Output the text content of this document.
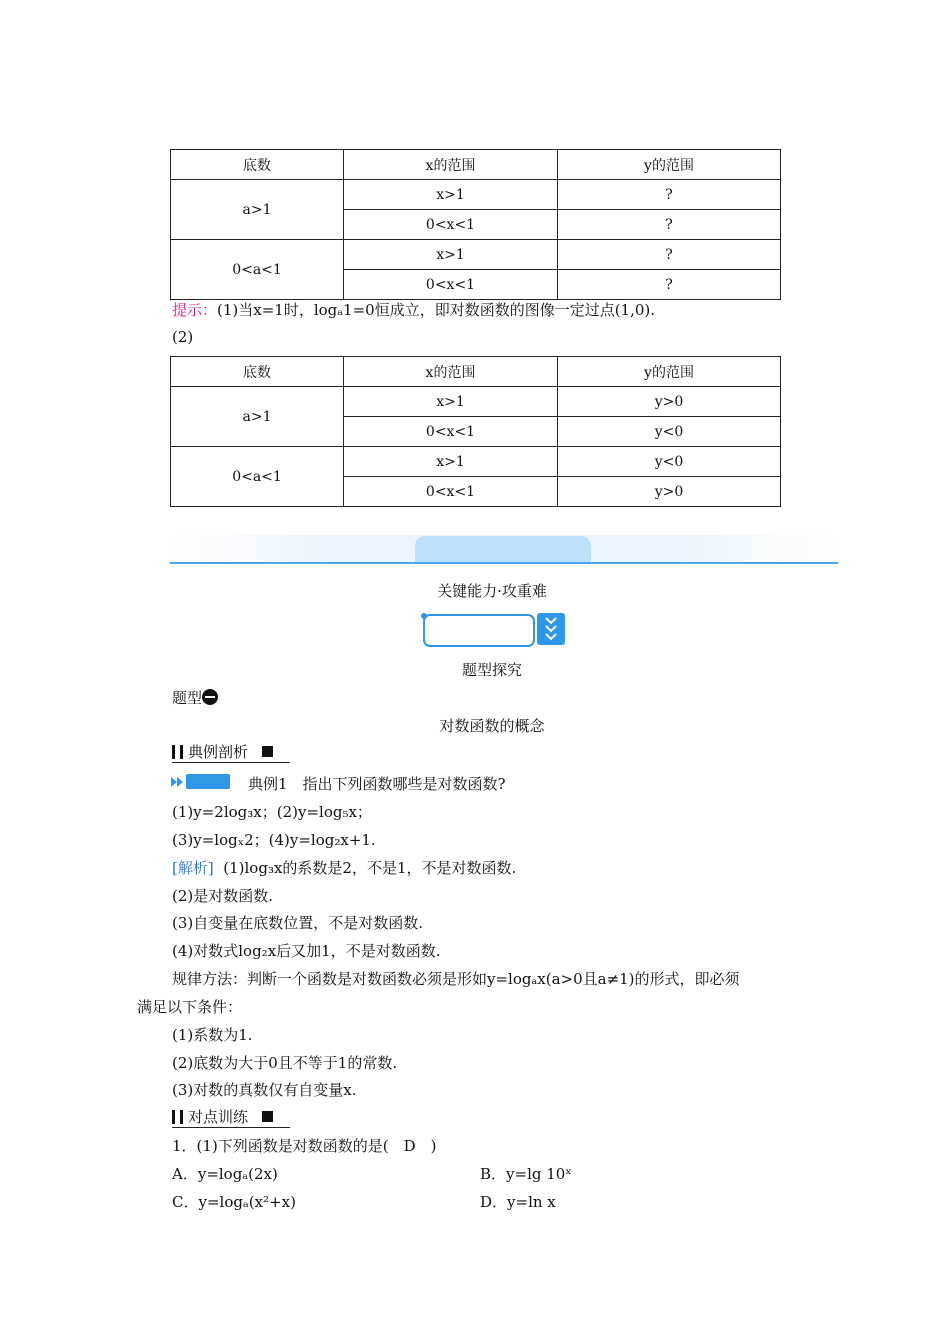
底数	x的范围	y的范围
a>1	x>1	?
	0<x<1	?
0<a<1	x>1	?
	0<x<1	?
提示：(1)当x=1时，logₐ1=0恒成立，即对数函数的图像一定过点(1,0).
(2)
底数	x的范围	y的范围
a>1	x>1	y>0
	0<x<1	y<0
0<a<1	x>1	y<0
	0<x<1	y>0
关键能力·攻重难
题型探究
题型
对数函数的概念
典例剖析
典例1　指出下列函数哪些是对数函数?
(1)y=2log₃x；(2)y=log₅x；
(3)y=logₓ2；(4)y=log₂x+1.
[解析] (1)log₃x的系数是2，不是1，不是对数函数.
(2)是对数函数.
(3)自变量在底数位置，不是对数函数.
(4)对数式log₂x后又加1，不是对数函数.
规律方法：判断一个函数是对数函数必须是形如y=logₐx(a>0且a≠1)的形式，即必须
满足以下条件：
(1)系数为1.
(2)底数为大于0且不等于1的常数.
(3)对数的真数仅有自变量x.
对点训练
1．(1)下列函数是对数函数的是(　D　)
A．y=logₐ(2x)	B．y=lg 10ˣ
C．y=logₐ(x²+x)	D．y=ln x
